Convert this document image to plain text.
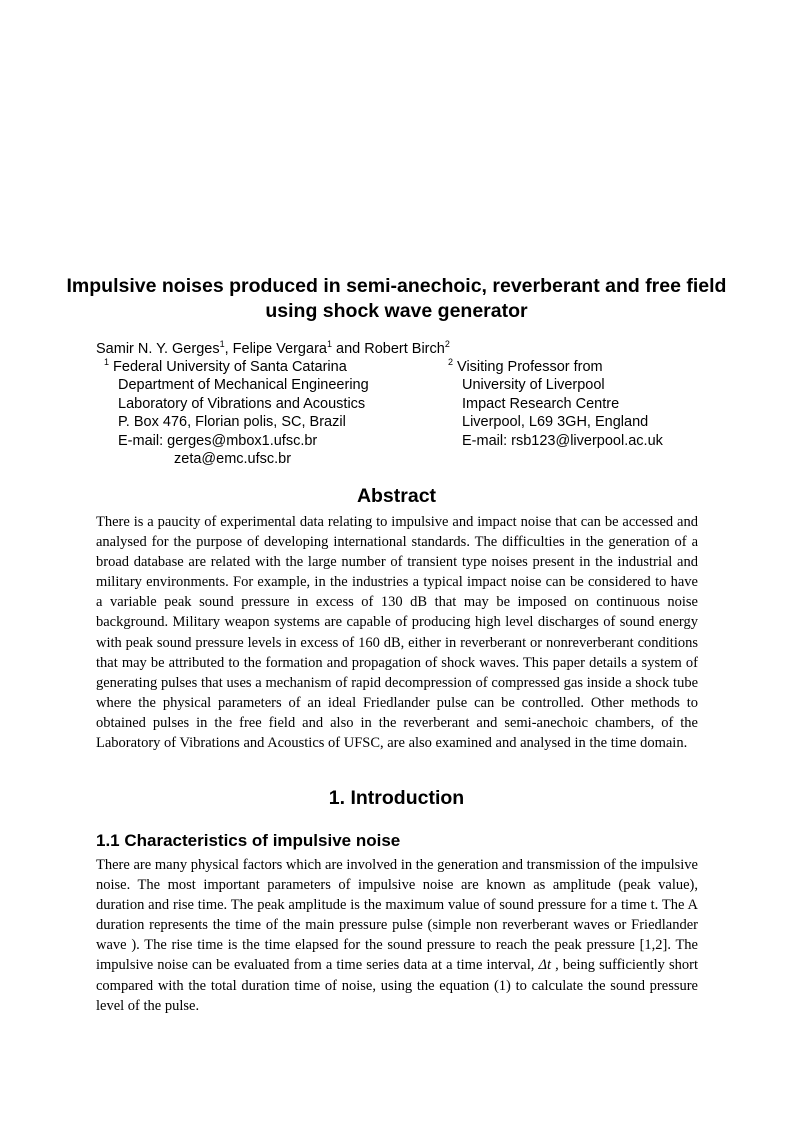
Impulsive noises produced in semi-anechoic, reverberant and free field using shock wave generator

Samir N. Y. Gerges$^1$, Felipe Vergara$^1$ and Robert Birch$^2$

$^1$ Federal University of Santa Catarina
Department of Mechanical Engineering
Laboratory of Vibrations and Acoustics
P. Box 476, Florian polis, SC, Brazil
E-mail: gerges@mbox1.ufsc.br
zeta@emc.ufsc.br
$^2$ Visiting Professor from
University of Liverpool
Impact Research Centre
Liverpool, L69 3GH, England
E-mail: rsb123@liverpool.ac.uk
Abstract

There is a paucity of experimental data relating to impulsive and impact noise that can be accessed and analysed for the purpose of developing international standards. The difficulties in the generation of a broad database are related with the large number of transient type noises present in the industrial and military environments. For example, in the industries a typical impact noise can be considered to have a variable peak sound pressure in excess of 130 dB that may be imposed on continuous noise background. Military weapon systems are capable of producing high level discharges of sound energy with peak sound pressure levels in excess of 160 dB, either in reverberant or nonreverberant conditions that may be attributed to the formation and propagation of shock waves. This paper details a system of generating pulses that uses a mechanism of rapid decompression of compressed gas inside a shock tube where the physical parameters of an ideal Friedlander pulse can be controlled. Other methods to obtained pulses in the free field and also in the reverberant and semi-anechoic chambers, of the Laboratory of Vibrations and Acoustics of UFSC, are also examined and analysed in the time domain.

1. Introduction
1.1 Characteristics of impulsive noise

There are many physical factors which are involved in the generation and transmission of the impulsive noise. The most important parameters of impulsive noise are known as amplitude (peak value), duration and rise time. The peak amplitude is the maximum value of sound pressure for a time t. The A duration represents the time of the main pressure pulse (simple non reverberant waves or Friedlander wave ). The rise time is the time elapsed for the sound pressure to reach the peak pressure [1,2]. The impulsive noise can be evaluated from a time series data at a time interval, Δt , being sufficiently short compared with the total duration time of noise, using the equation (1) to calculate the sound pressure level of the pulse.
